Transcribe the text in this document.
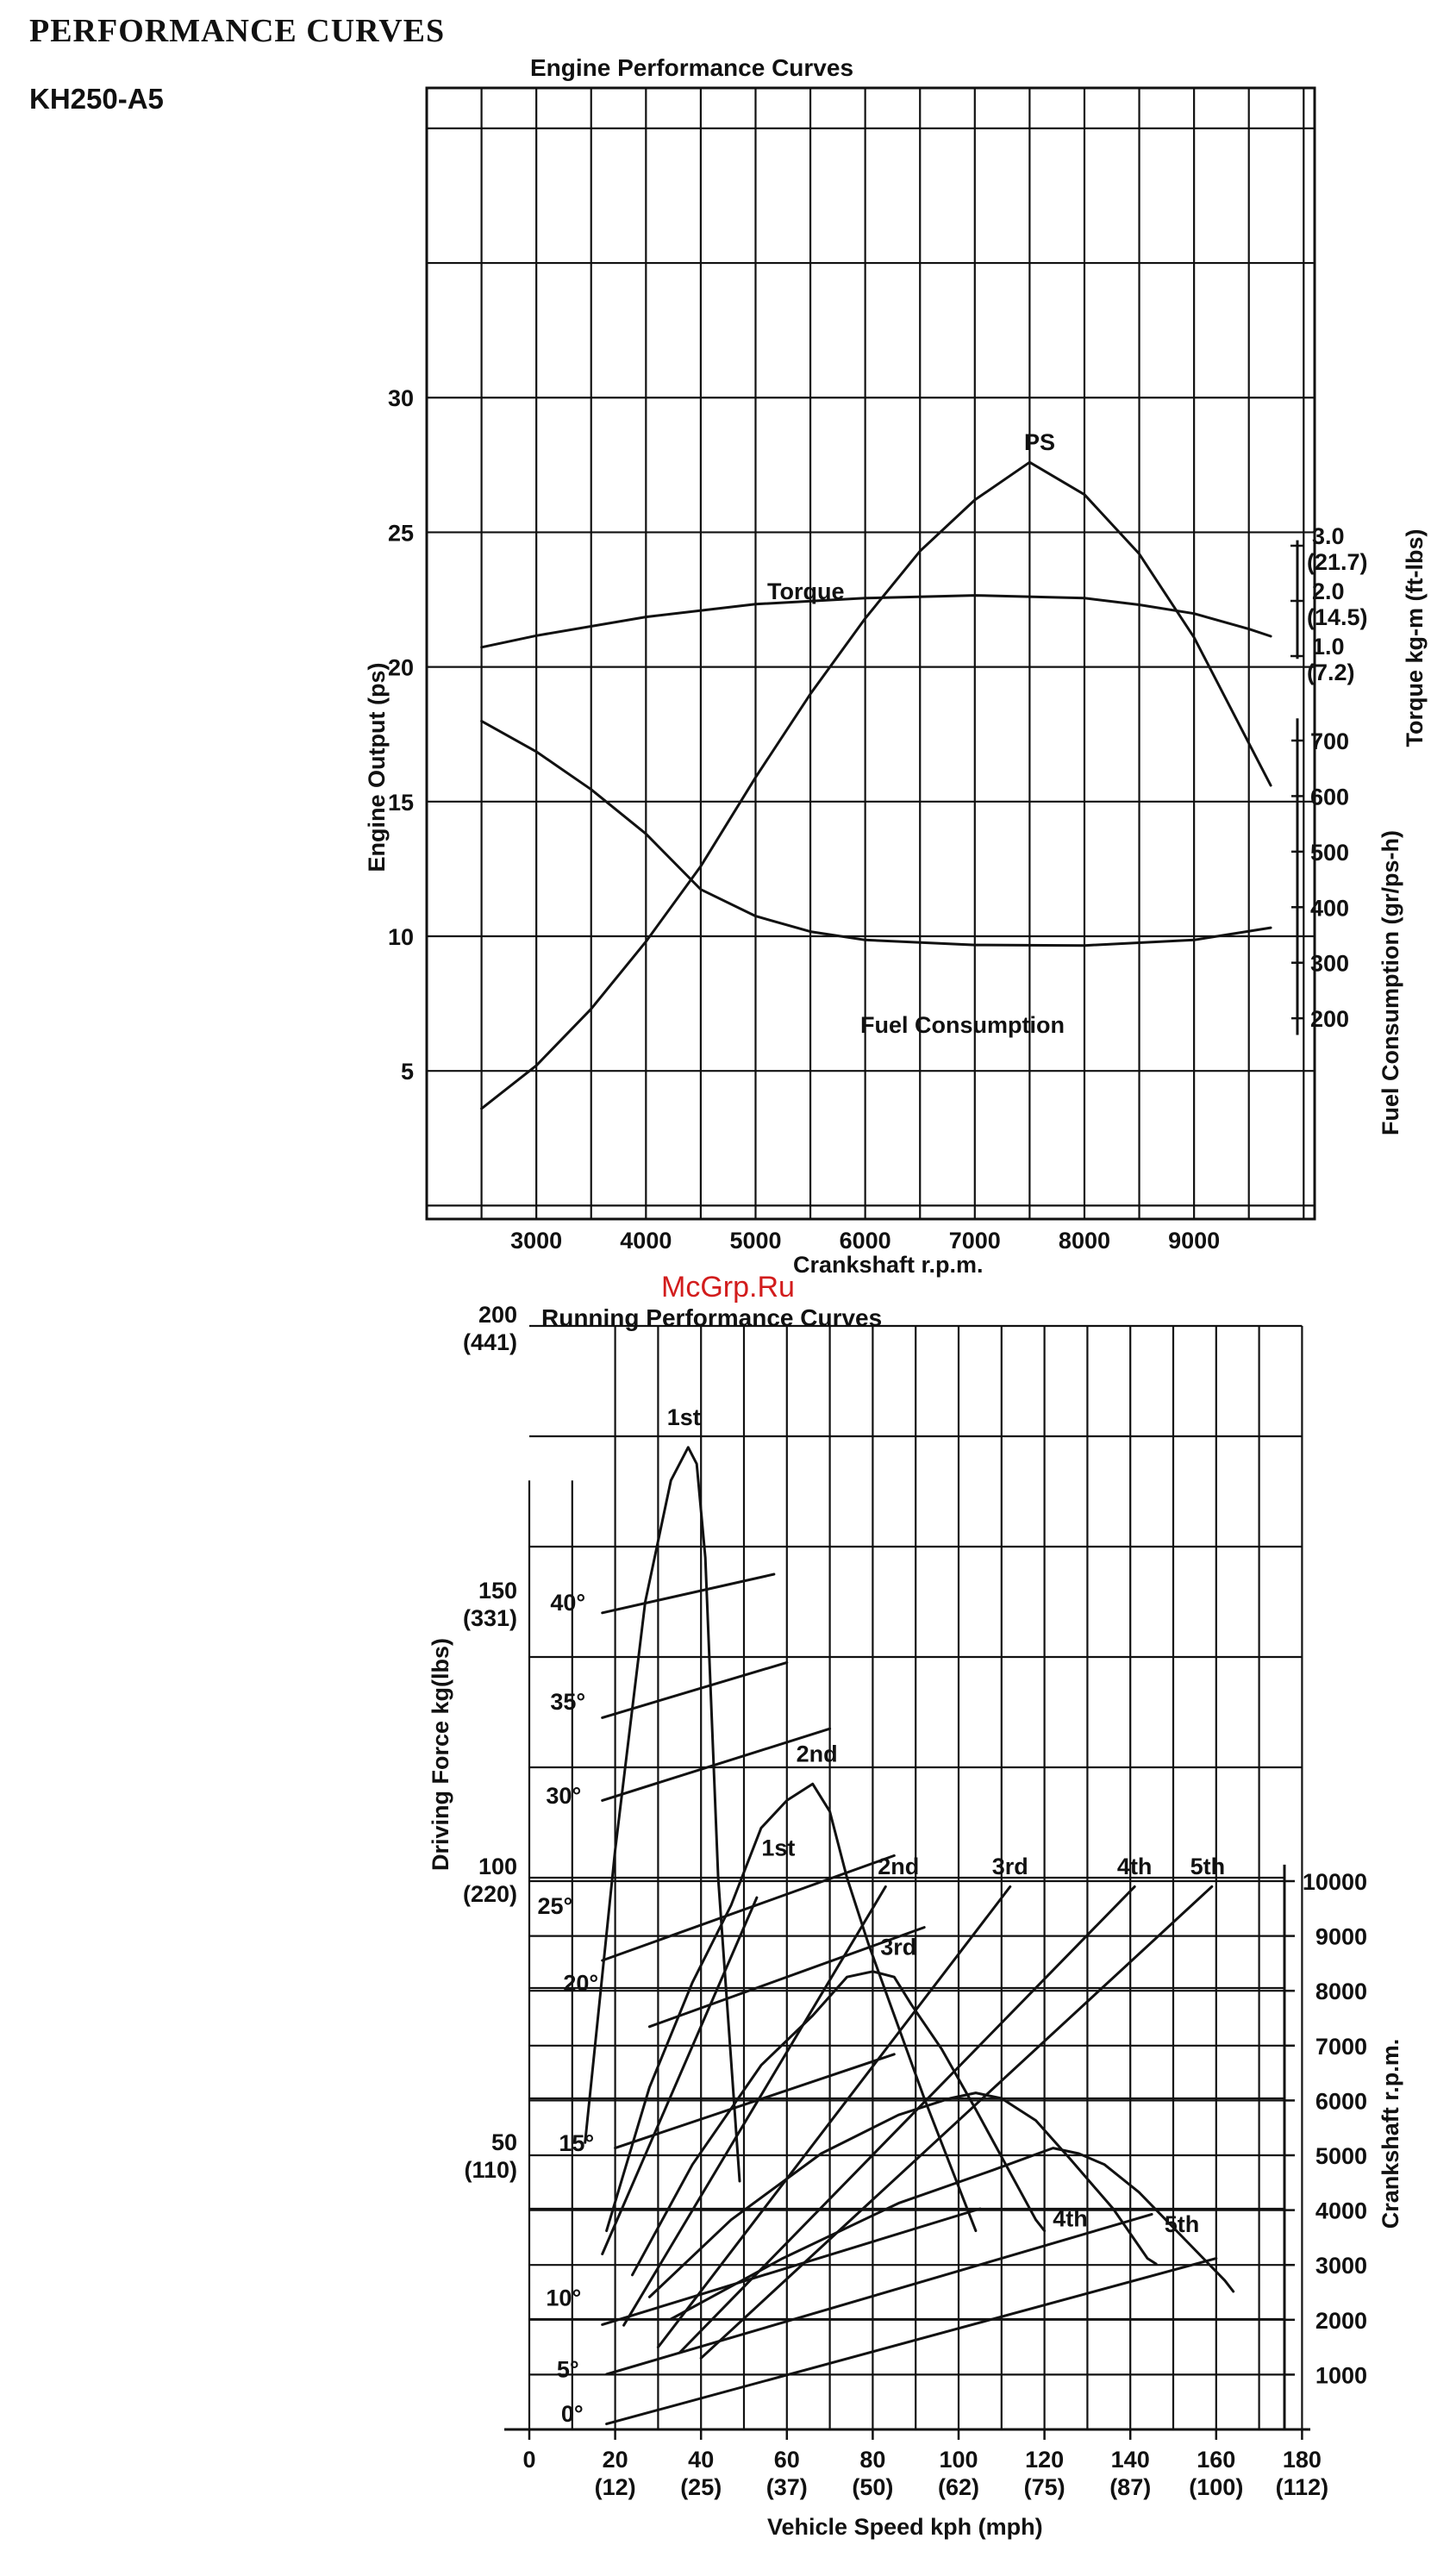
PERFORMANCE CURVES
KH250-A5
Engine Performance Curves
3000 4000 5000 6000 7000 8000 9000
5
10
15
20
25
30
3.0
(21.7)
2.0
(14.5)
1.0
(7.2)
700
600
500
400
300
200
PS
Torque
Fuel Consumption
Crankshaft r.p.m.
Engine Output (ps)
Torque kg-m (ft-lbs)
Fuel Consumption (gr/ps-h)
Running Performance Curves
0	20
(12)
40
(25)
60
(37)
80
(50)
100
(62)
120
(75)
140
(87)
160
(100)
180
(112)
50
(110)
100
(220)
150
(331)
200
(441)
10000
9000
8000
7000
6000
5000
4000
3000
2000
1000
0°
5°
10°
15°
20°
25°
30°
35°
40°
1st
2nd
2nd	3rd	4th
1st
3rd
4th	5th
5th
Vehicle Speed kph (mph)
Driving Force kg(lbs)
Crankshaft r.p.m.
McGrp.Ru
